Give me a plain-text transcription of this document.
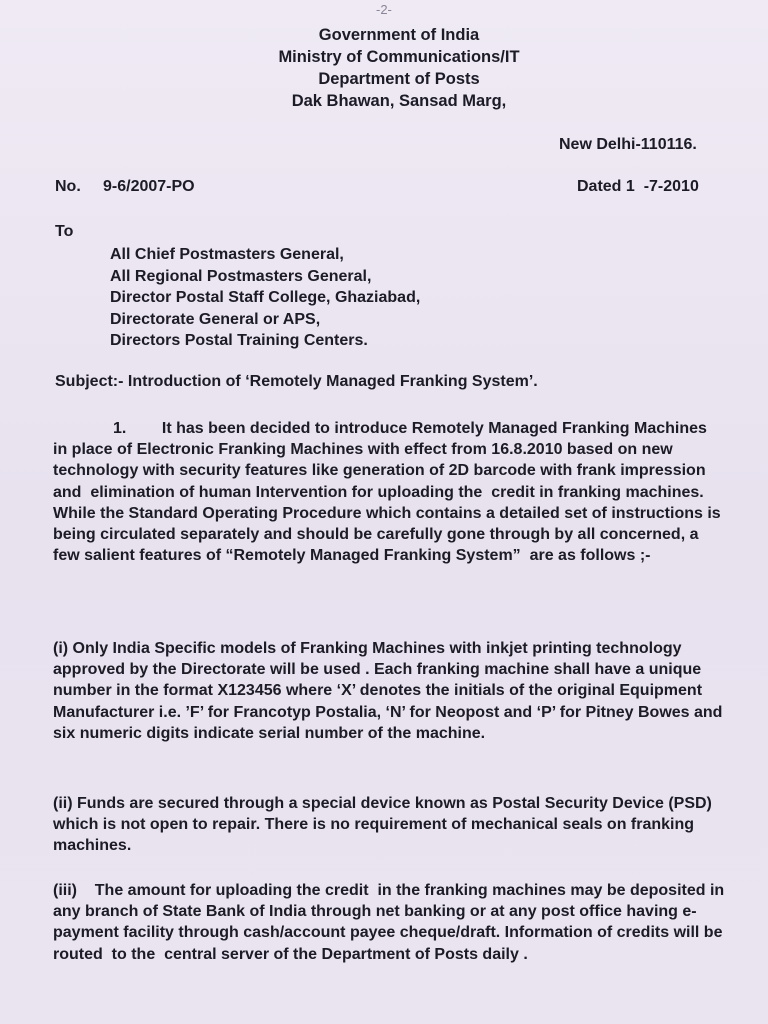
-2-
Government of India
Ministry of Communications/IT
Department of Posts
Dak Bhawan, Sansad Marg,
New Delhi-110116.
No.     9-6/2007-PO	Dated 1  -7-2010
To
All Chief Postmasters General,
All Regional Postmasters General,
Director Postal Staff College, Ghaziabad,
Directorate General or APS,
Directors Postal Training Centers.
Subject:- Introduction of ‘Remotely Managed Franking System’.
1.        It has been decided to introduce Remotely Managed Franking Machines in place of Electronic Franking Machines with effect from 16.8.2010 based on new technology with security features like generation of 2D barcode with frank impression and  elimination of human Intervention for uploading the  credit in franking machines.  While the Standard Operating Procedure which contains a detailed set of instructions is being circulated separately and should be carefully gone through by all concerned, a few salient features of “Remotely Managed Franking System”  are as follows ;-
(i) Only India Specific models of Franking Machines with inkjet printing technology approved by the Directorate will be used . Each franking machine shall have a unique number in the format X123456 where ‘X’ denotes the initials of the original Equipment Manufacturer i.e. ’F’ for Francotyp Postalia, ‘N’ for Neopost and ‘P’ for Pitney Bowes and six numeric digits indicate serial number of the machine.
(ii) Funds are secured through a special device known as Postal Security Device (PSD) which is not open to repair. There is no requirement of mechanical seals on franking machines.
(iii)    The amount for uploading the credit  in the franking machines may be deposited in any branch of State Bank of India through net banking or at any post office having e-payment facility through cash/account payee cheque/draft. Information of credits will be routed  to the  central server of the Department of Posts daily .
